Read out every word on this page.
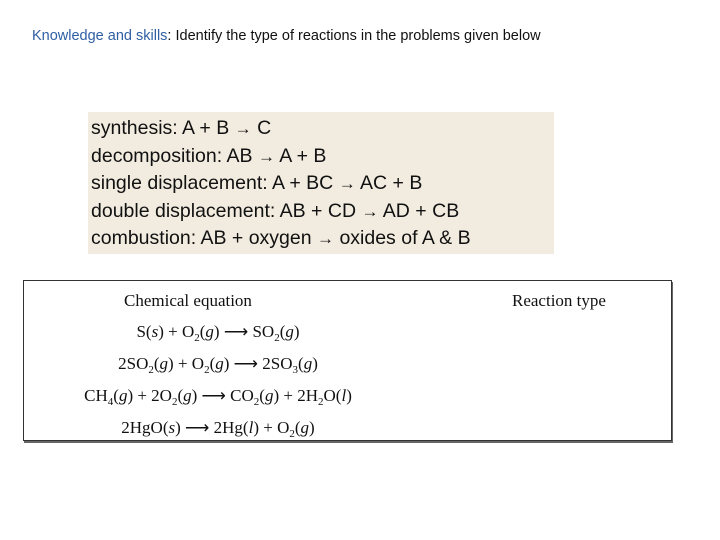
Knowledge and skills: Identify the type of reactions in the problems given below
synthesis: A + B → C
decomposition: AB → A + B
single displacement: A + BC → AC + B
double displacement: AB + CD → AD + CB
combustion: AB + oxygen → oxides of A & B
Chemical equation	Reaction type
$S(s) + O_2(g)$ ⟶ $SO_2(g)$
$2SO_2(g) + O_2(g)$ ⟶ $2SO_3(g)$
$CH_4(g) + 2O_2(g)$ ⟶ $CO_2(g) + 2H_2O(l)$
2HgO(s) ⟶ $2Hg(l) + O_2(g)$
